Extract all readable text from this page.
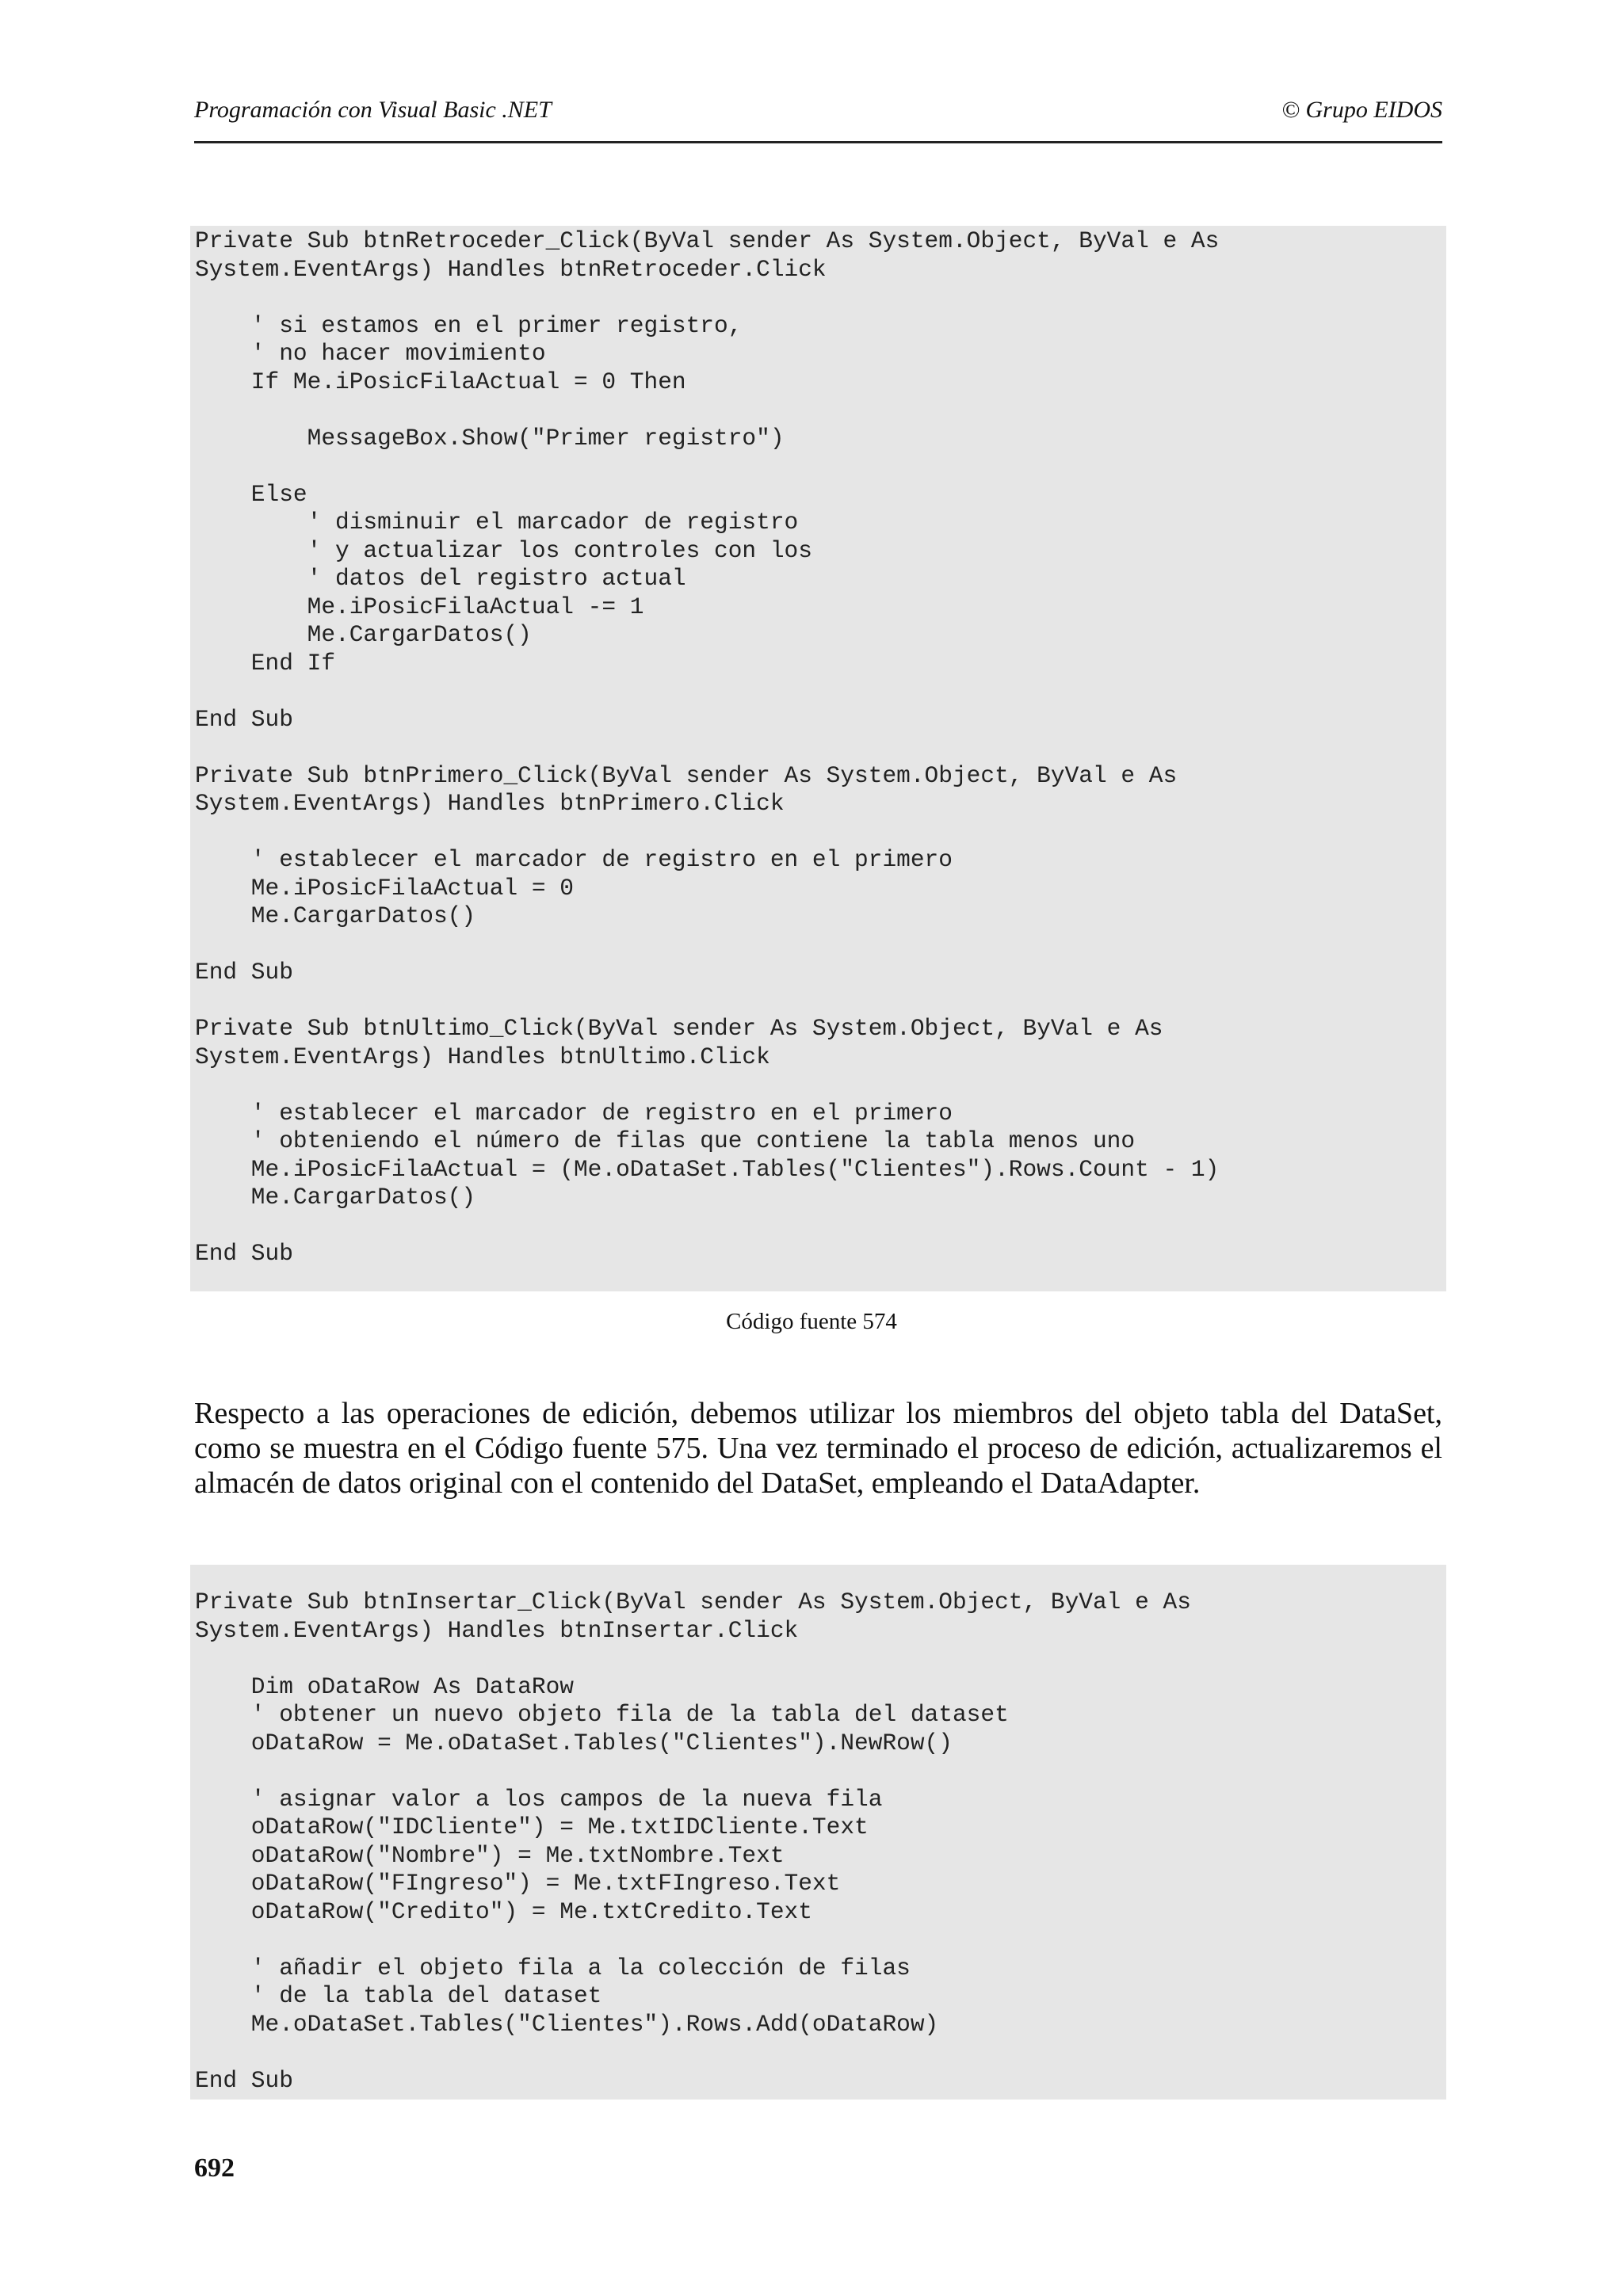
Programación con Visual Basic .NET	© Grupo EIDOS
Private Sub btnRetroceder_Click(ByVal sender As System.Object, ByVal e As
System.EventArgs) Handles btnRetroceder.Click

' si estamos en el primer registro,
' no hacer movimiento
If Me.iPosicFilaActual = 0 Then

MessageBox.Show("Primer registro")

Else
' disminuir el marcador de registro
' y actualizar los controles con los
' datos del registro actual
Me.iPosicFilaActual -= 1
Me.CargarDatos()
End If

End Sub

Private Sub btnPrimero_Click(ByVal sender As System.Object, ByVal e As
System.EventArgs) Handles btnPrimero.Click

' establecer el marcador de registro en el primero
Me.iPosicFilaActual = 0
Me.CargarDatos()

End Sub

Private Sub btnUltimo_Click(ByVal sender As System.Object, ByVal e As
System.EventArgs) Handles btnUltimo.Click

' establecer el marcador de registro en el primero
' obteniendo el número de filas que contiene la tabla menos uno
Me.iPosicFilaActual = (Me.oDataSet.Tables("Clientes").Rows.Count - 1)
Me.CargarDatos()

End Sub
Código fuente 574
Respecto a las operaciones de edición, debemos utilizar los miembros del objeto tabla del DataSet, como se muestra en el Código fuente 575. Una vez terminado el proceso de edición, actualizaremos el almacén de datos original con el contenido del DataSet, empleando el DataAdapter.
Private Sub btnInsertar_Click(ByVal sender As System.Object, ByVal e As
System.EventArgs) Handles btnInsertar.Click

Dim oDataRow As DataRow
' obtener un nuevo objeto fila de la tabla del dataset
oDataRow = Me.oDataSet.Tables("Clientes").NewRow()

' asignar valor a los campos de la nueva fila
oDataRow("IDCliente") = Me.txtIDCliente.Text
oDataRow("Nombre") = Me.txtNombre.Text
oDataRow("FIngreso") = Me.txtFIngreso.Text
oDataRow("Credito") = Me.txtCredito.Text

' añadir el objeto fila a la colección de filas
' de la tabla del dataset
Me.oDataSet.Tables("Clientes").Rows.Add(oDataRow)

End Sub
692
